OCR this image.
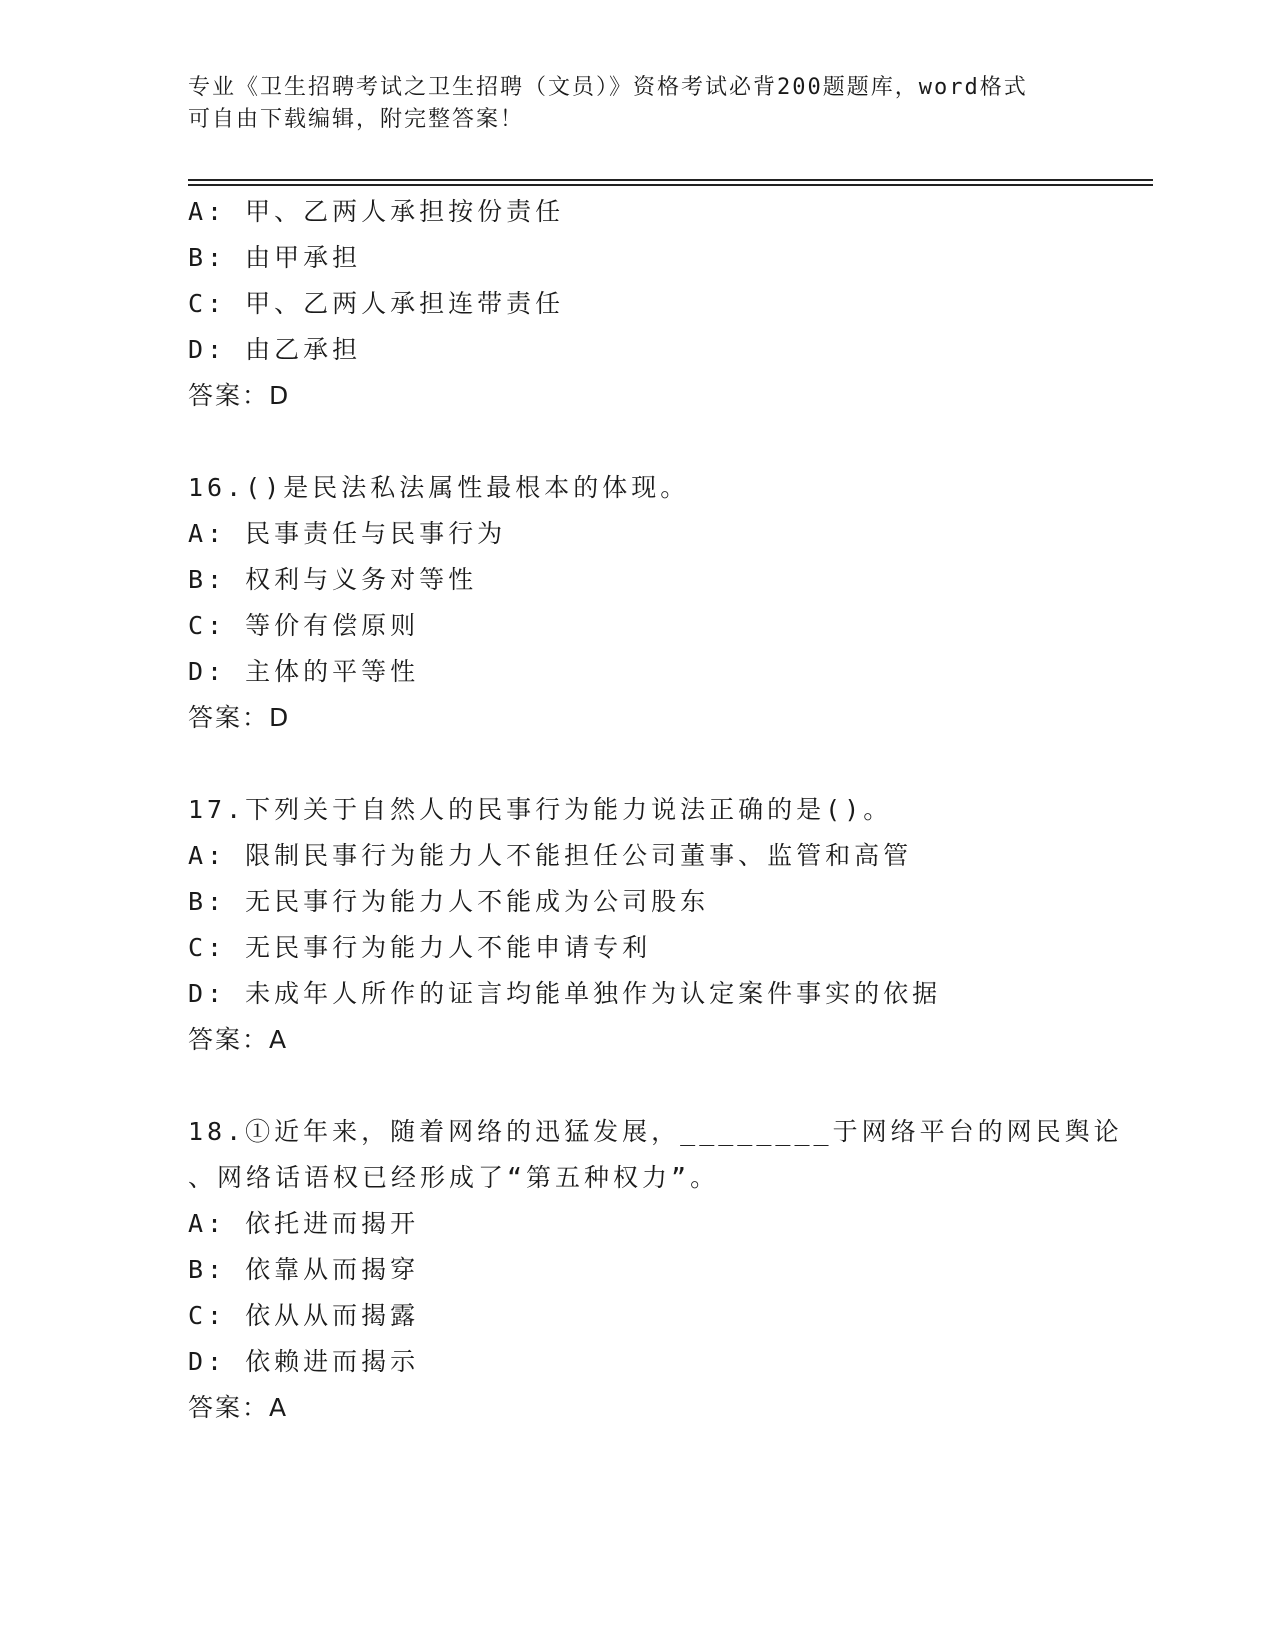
专业《卫生招聘考试之卫生招聘（文员）》资格考试必背200题题库，word格式
可自由下载编辑，附完整答案！
A: 甲、乙两人承担按份责任
B: 由甲承担
C: 甲、乙两人承担连带责任
D: 由乙承担
答案：D
16.()是民法私法属性最根本的体现。
A: 民事责任与民事行为
B: 权利与义务对等性
C: 等价有偿原则
D: 主体的平等性
答案：D
17.下列关于自然人的民事行为能力说法正确的是()。
A: 限制民事行为能力人不能担任公司董事、监管和高管
B: 无民事行为能力人不能成为公司股东
C: 无民事行为能力人不能申请专利
D: 未成年人所作的证言均能单独作为认定案件事实的依据
答案：A
18.①近年来，随着网络的迅猛发展，________于网络平台的网民舆论
、网络话语权已经形成了“第五种权力”。
A: 依托进而揭开
B: 依靠从而揭穿
C: 依从从而揭露
D: 依赖进而揭示
答案：A
